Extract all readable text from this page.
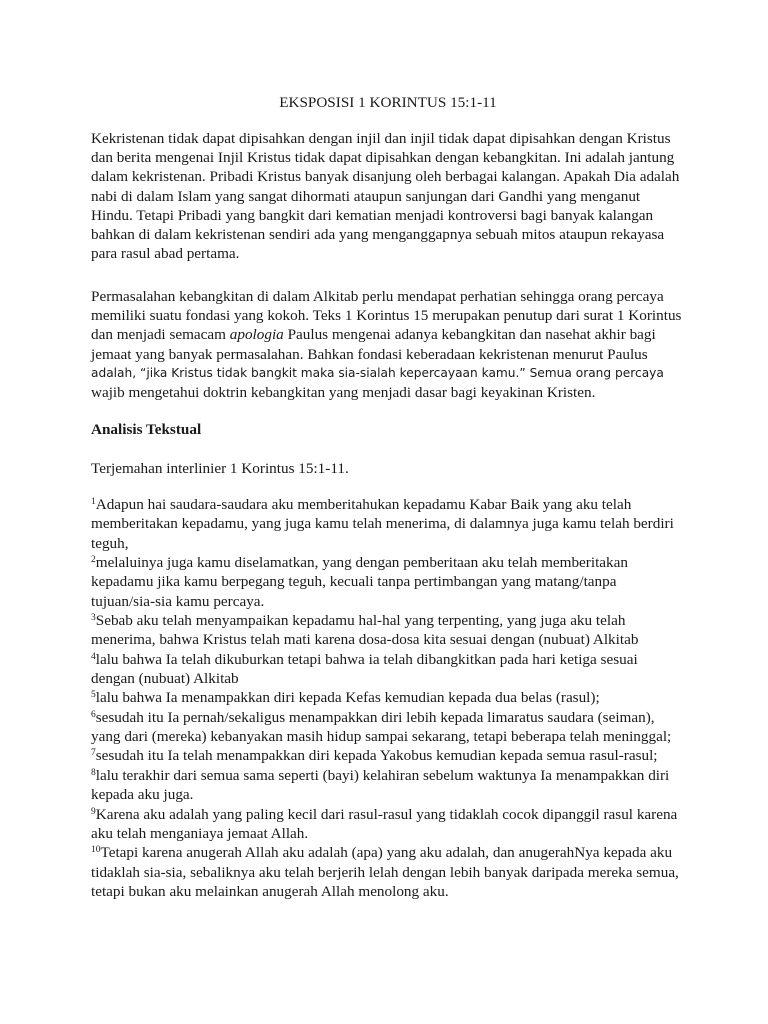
EKSPOSISI 1 KORINTUS 15:1-11

Kekristenan tidak dapat dipisahkan dengan injil dan injil tidak dapat dipisahkan dengan Kristus
dan berita mengenai Injil Kristus tidak dapat dipisahkan dengan kebangkitan. Ini adalah jantung
dalam kekristenan. Pribadi Kristus banyak disanjung oleh berbagai kalangan. Apakah Dia adalah
nabi di dalam Islam yang sangat dihormati ataupun sanjungan dari Gandhi yang menganut
Hindu. Tetapi Pribadi yang bangkit dari kematian menjadi kontroversi bagi banyak kalangan
bahkan di dalam kekristenan sendiri ada yang menganggapnya sebuah mitos ataupun rekayasa
para rasul abad pertama.

Permasalahan kebangkitan di dalam Alkitab perlu mendapat perhatian sehingga orang percaya
memiliki suatu fondasi yang kokoh. Teks 1 Korintus 15 merupakan penutup dari surat 1 Korintus
dan menjadi semacam apologia Paulus mengenai adanya kebangkitan dan nasehat akhir bagi
jemaat yang banyak permasalahan. Bahkan fondasi keberadaan kekristenan menurut Paulus
adalah, “jika Kristus tidak bangkit maka sia-sialah kepercayaan kamu.” Semua orang percaya
wajib mengetahui doktrin kebangkitan yang menjadi dasar bagi keyakinan Kristen.

Analisis Tekstual

Terjemahan interlinier 1 Korintus 15:1-11.

$^1$Adapun hai saudara-saudara aku memberitahukan kepadamu Kabar Baik yang aku telah
memberitakan kepadamu, yang juga kamu telah menerima, di dalamnya juga kamu telah berdiri
teguh,
$^2$melaluinya juga kamu diselamatkan, yang dengan pemberitaan aku telah memberitakan
kepadamu jika kamu berpegang teguh, kecuali tanpa pertimbangan yang matang/tanpa
tujuan/sia-sia kamu percaya.
$^3$Sebab aku telah menyampaikan kepadamu hal-hal yang terpenting, yang juga aku telah
menerima, bahwa Kristus telah mati karena dosa-dosa kita sesuai dengan (nubuat) Alkitab
$^4$lalu bahwa Ia telah dikuburkan tetapi bahwa ia telah dibangkitkan pada hari ketiga sesuai
dengan (nubuat) Alkitab
$^5$lalu bahwa Ia menampakkan diri kepada Kefas kemudian kepada dua belas (rasul);
$^6$sesudah itu Ia pernah/sekaligus menampakkan diri lebih kepada limaratus saudara (seiman),
yang dari (mereka) kebanyakan masih hidup sampai sekarang, tetapi beberapa telah meninggal;
$^7$sesudah itu Ia telah menampakkan diri kepada Yakobus kemudian kepada semua rasul-rasul;
$^8$lalu terakhir dari semua sama seperti (bayi) kelahiran sebelum waktunya Ia menampakkan diri
kepada aku juga.
$^9$Karena aku adalah yang paling kecil dari rasul-rasul yang tidaklah cocok dipanggil rasul karena
aku telah menganiaya jemaat Allah.
$^{10}$Tetapi karena anugerah Allah aku adalah (apa) yang aku adalah, dan anugerahNya kepada aku
tidaklah sia-sia, sebaliknya aku telah berjerih lelah dengan lebih banyak daripada mereka semua,
tetapi bukan aku melainkan anugerah Allah menolong aku.
